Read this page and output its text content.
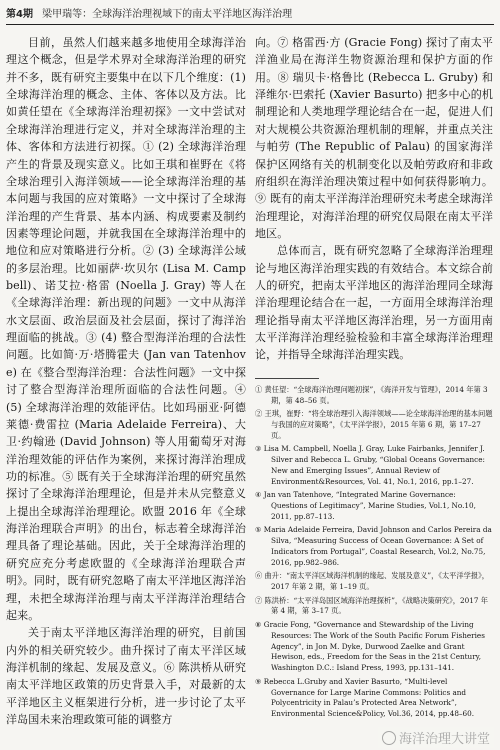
第4期 梁甲瑞等：全球海洋治理视域下的南太平洋地区海洋治理

目前，虽然人们越来越多地使用全球海洋治理这个概念，但是学术界对全球海洋治理的研究并不多，既有研究主要集中在以下几个维度：(1) 全球海洋治理的概念、主体、客体以及方法。比如黄任望在《全球海洋治理初探》一文中尝试对全球海洋治理进行定义，并对全球海洋治理的主体、客体和方法进行初探。① (2) 全球海洋治理产生的背景及现实意义。比如王琪和崔野在《将全球治理引入海洋领域——论全球海洋治理的基本问题与我国的应对策略》一文中探讨了全球海洋治理的产生背景、基本内涵、构成要素及制约因素等理论问题，并就我国在全球海洋治理中的地位和应对策略进行分析。② (3) 全球海洋公域的多层治理。比如丽萨·坎贝尔 (Lisa M. Campbell)、诺艾拉·格雷 (Noella J. Gray) 等人在《全球海洋治理：新出现的问题》一文中从海洋水文层面、政治层面及社会层面，探讨了海洋治理面临的挑战。③ (4) 整合型海洋治理的合法性问题。比如简·万·塔腾霍夫 (Jan van Tatenhove) 在《整合型海洋治理：合法性问题》一文中探讨了整合型海洋治理所面临的合法性问题。④ (5) 全球海洋治理的效能评估。比如玛丽亚·阿德莱德·费雷拉 (Maria Adelaide Ferreira)、大卫·约翰逊 (David Johnson) 等人用葡萄牙对海洋治理效能的评估作为案例，来探讨海洋治理成功的标准。⑤ 既有关于全球海洋治理的研究虽然探讨了全球海洋治理理论，但是并未从完整意义上提出全球海洋治理理论。欧盟 2016 年《全球海洋治理联合声明》的出台，标志着全球海洋治理具备了理论基础。因此，关于全球海洋治理的研究应充分考虑欧盟的《全球海洋治理联合声明》。同时，既有研究忽略了南太平洋地区海洋治理，未把全球海洋治理与南太平洋海洋治理结合起来。

关于南太平洋地区海洋治理的研究，目前国内外的相关研究较少。曲升探讨了南太平洋区域海洋机制的缘起、发展及意义。⑥ 陈洪桥从研究南太平洋地区政策的历史背景入手，对最新的太平洋地区主义框架进行分析，进一步讨论了太平洋岛国未来治理政策可能的调整方

向。⑦ 格雷西·方 (Gracie Fong) 探讨了南太平洋渔业局在海洋生物资源治理和保护方面的作用。⑧ 瑞贝卡·格鲁比 (Rebecca L. Gruby) 和泽维尔·巴索托 (Xavier Basurto) 把多中心的机制理论和人类地理学理论结合在一起，促进人们对大规模公共资源治理机制的理解，并重点关注与帕劳 (The Republic of Palau) 的国家海洋保护区网络有关的机制变化以及帕劳政府和非政府组织在海洋治理决策过程中如何获得影响力。⑨ 既有的南太平洋海洋治理研究未考虑全球海洋治理理论，对海洋治理的研究仅局限在南太平洋地区。

总体而言，既有研究忽略了全球海洋治理理论与地区海洋治理实践的有效结合。本文综合前人的研究，把南太平洋地区的海洋治理同全球海洋治理理论结合在一起，一方面用全球海洋治理理论指导南太平洋地区海洋治理，另一方面用南太平洋海洋治理经验检验和丰富全球海洋治理理论，并指导全球海洋治理实践。

① 黄任望：“全球海洋治理问题初探”，《海洋开发与管理》，2014 年第 3 期，第 48–56 页。
② 王琪，崔野：“将全球治理引入海洋领域——论全球海洋治理的基本问题与我国的应对策略”，《太平洋学报》，2015 年第 6 期，第 17–27 页。
③ Lisa M. Campbell, Noella J. Gray, Luke Fairbanks, Jennifer J. Silver and Rebecca L. Gruby, “Global Oceans Governance: New and Emerging Issues”, Annual Review of Environment&Resources, Vol. 41, No.1, 2016, pp.1–27.
④ Jan van Tatenhove, “Integrated Marine Governance: Questions of Legitimacy”, Marine Studies, Vol.1, No.10, 2011, pp.87–113.
⑤ Maria Adelaide Ferreira, David Johnson and Carlos Pereira da Silva, “Measuring Success of Ocean Governance: A Set of Indicators from Portugal”, Coastal Research, Vol.2, No.75, 2016, pp.982–986.
⑥ 曲升：“南太平洋区域海洋机制的缘起、发展及意义”，《太平洋学报》，2017 年第 2 期，第 1–19 页。
⑦ 陈洪桥：“太平洋岛国区域海洋治理探析”，《战略决策研究》，2017 年第 4 期，第 3–17 页。
⑧ Gracie Fong, “Governance and Stewardship of the Living Resources: The Work of the South Pacific Forum Fisheries Agency”, in Jon M. Dyke, Durwood Zaelke and Grant Hewison, eds., Freedom for the Seas in the 21st Century, Washington D.C.: Island Press, 1993, pp.131–141.
⑨ Rebecca L.Gruby and Xavier Basurto, “Multi-level Governance for Large Marine Commons: Politics and Polycentricity in Palau’s Protected Area Network”, Environmental Science&Policy, Vol.36, 2014, pp.48–60.
海洋治理大讲堂
